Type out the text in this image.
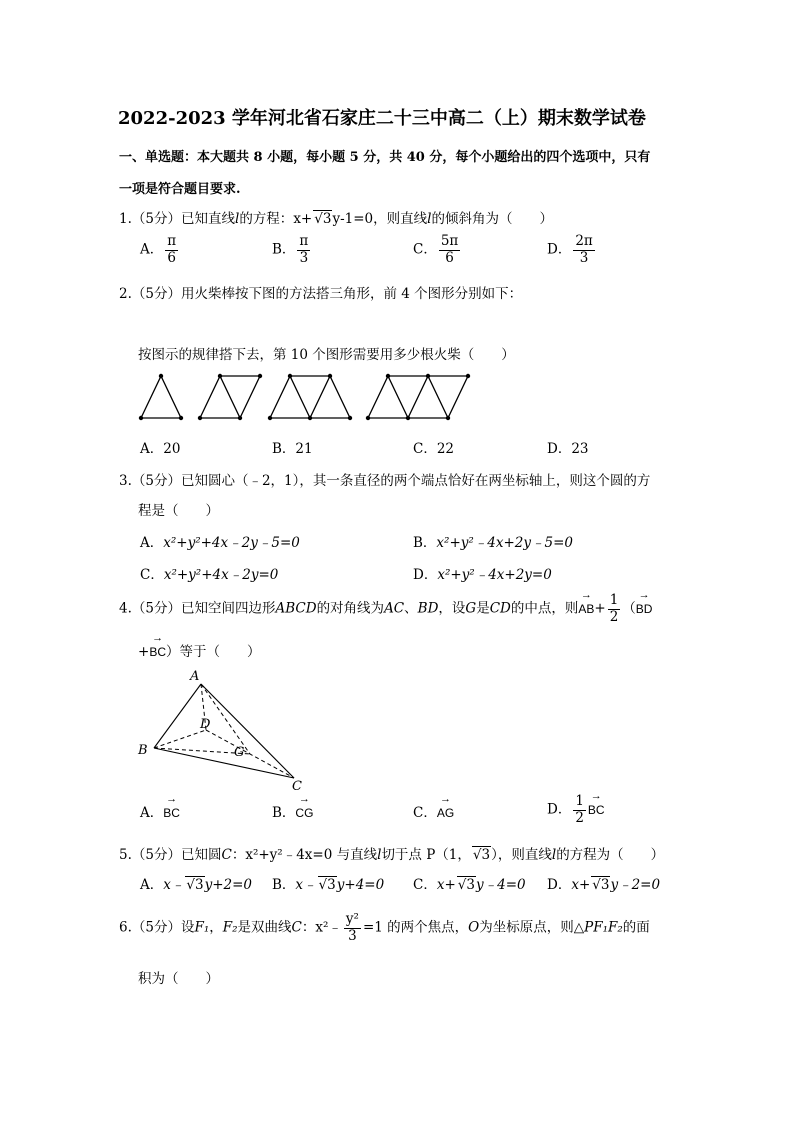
2022-2023 学年河北省石家庄二十三中高二（上）期末数学试卷
一、单选题：本大题共 8 小题，每小题 5 分，共 40 分，每个小题给出的四个选项中，只有
一项是符合题目要求.
1.（5分）已知直线l的方程：x+ √3y-1=0，则直线l的倾斜角为（　　）
A． $\frac{\pi}{6}$	B． $\frac{\pi}{3}$	C． $\frac{5\pi}{6}$	D． $\frac{2\pi}{3}$
2.（5分）用火柴棒按下图的方法搭三角形，前 4 个图形分别如下：
按图示的规律搭下去，第 10 个图形需要用多少根火柴（　　）
A．20	B．21	C．22	D．23
3.（5分）已知圆心（﹣2，1），其一条直径的两个端点恰好在两坐标轴上，则这个圆的方
程是（　　）
A．x²+y²+4x﹣2y﹣5=0	B．x²+y²﹣4x+2y﹣5=0
C．x²+y²+4x﹣2y=0	D．x²+y²﹣4x+2y=0
4.（5分）已知空间四边形ABCD的对角线为AC、BD，设G是CD的中点，则→ $AB+ \frac{1}{2}$ （→ BD
+→ BC）等于（　　）
A
B
C
D
G
A．→ BC	B．→ CG	C．→ AG	D． $\frac{1}{2}$
→ BC
5.（5分）已知圆C：x²+y²﹣4x=0 与直线l切于点 P（1， √3），则直线l的方程为（　　）
A．x﹣ √3y+2=0 B．x﹣ √3y+4=0 C．x+ √3y﹣4=0 D．x+ √3y﹣2=0
6.（5分）设F₁，F₂是双曲线C：x²﹣ $\frac{\text{y²}}{3} =1$ 的两个焦点，O为坐标原点，则△PF₁F₂的面
积为（　　）
